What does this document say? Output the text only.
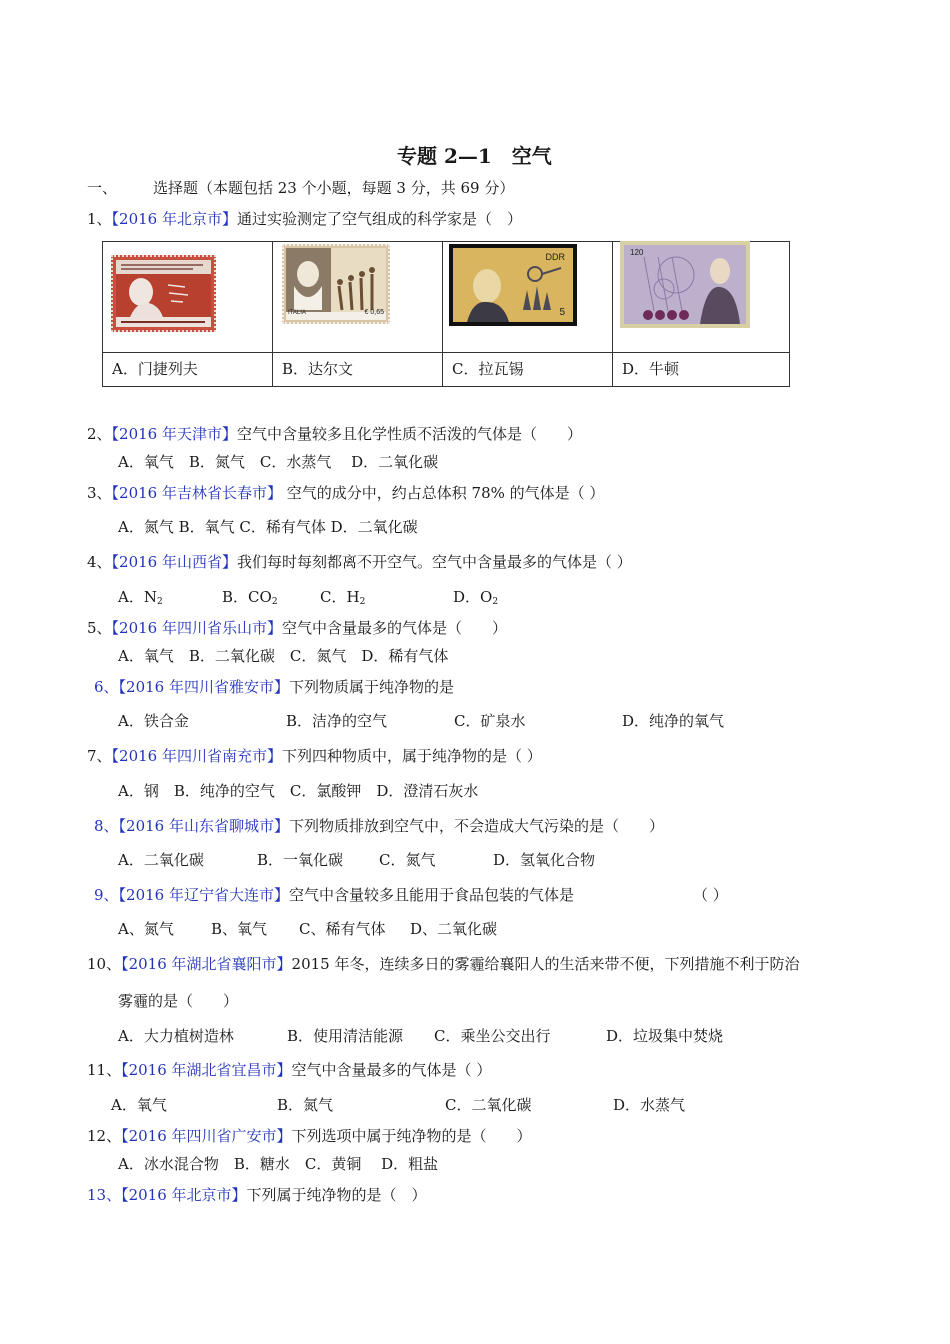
专题 2—1　空气
一、 选择题（本题包括 23 个小题，每题 3 分，共 69 分）
1、【2016 年北京市】通过实验测定了空气组成的科学家是（　）
ITALIA	€ 0,65
DDR
5
120
A．门捷列夫	B．达尔文	C．拉瓦锡	D．牛顿
2、【2016 年天津市】空气中含量较多且化学性质不活泼的气体是（　　）
A．氧气　B．氮气　C．水蒸气　 D．二氧化碳
3、【2016 年吉林省长春市】 空气的成分中，约占总体积 78% 的气体是（ ）
A．氮气 B．氧气 C．稀有气体 D．二氧化碳
4、【2016 年山西省】我们每时每刻都离不开空气。空气中含量最多的气体是（ ）
A．$N_2$	B．$CO_2$	C．$H_2$	D．$O_2$
5、【2016 年四川省乐山市】空气中含量最多的气体是（　　）
A．氧气　B．二氧化碳　C．氮气　D．稀有气体
6、【2016 年四川省雅安市】下列物质属于纯净物的是
A．铁合金	B．洁净的空气	C．矿泉水	D．纯净的氧气
7、【2016 年四川省南充市】下列四种物质中，属于纯净物的是（ ）
A．钢　B．纯净的空气　C．氯酸钾　D．澄清石灰水
8、【2016 年山东省聊城市】下列物质排放到空气中，不会造成大气污染的是（　　）
A．二氧化碳	B．一氧化碳 C．氮气	D．氢氧化合物
9、【2016 年辽宁省大连市】空气中含量较多且能用于食品包装的气体是	（ ）
A、氮气 B、氧气 C、稀有气体 D、二氧化碳
10、【2016 年湖北省襄阳市】2015 年冬，连续多日的雾霾给襄阳人的生活来带不便，下列措施不利于防治
雾霾的是（　　）
A．大力植树造林	B．使用清洁能源 C．乘坐公交出行	D．垃圾集中焚烧
11、【2016 年湖北省宜昌市】空气中含量最多的气体是（ ）
A．氧气	B．氮气	C．二氧化碳	D．水蒸气
12、【2016 年四川省广安市】下列选项中属于纯净物的是（　　）
A．冰水混合物　B．糖水　C．黄铜　 D．粗盐
13、【2016 年北京市】下列属于纯净物的是（　）
